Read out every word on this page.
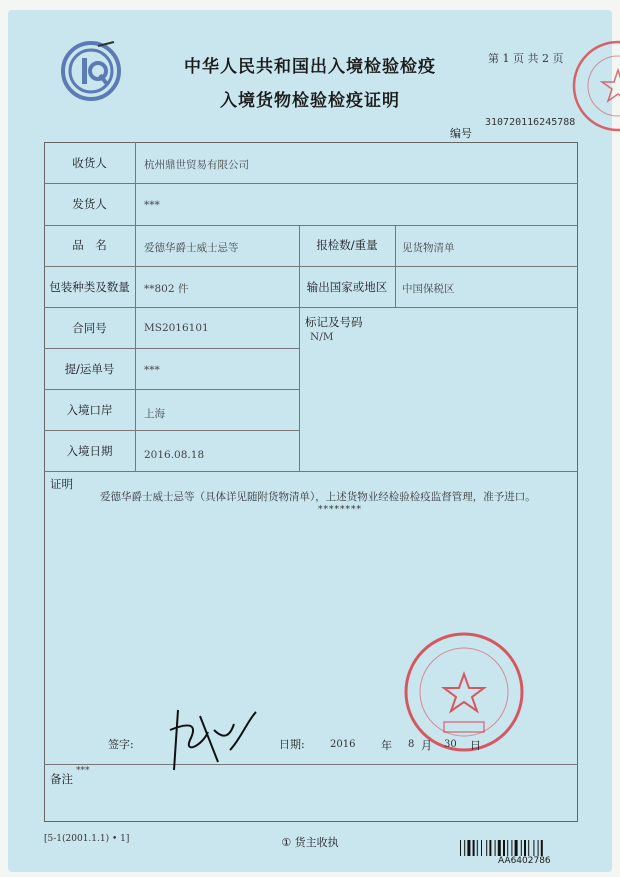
中华人民共和国出入境检验检疫
入境货物检验检疫证明
第 1 页 共 2 页
编号
310720116245788
收货人	杭州鼎世贸易有限公司
发货人	***
品　名	爱德华爵士威士忌等	报检数/重量	见货物清单
包装种类及数量	**802 件	输出国家或地区	中国保税区
合同号	MS2016101	标记及号码
N/M
提/运单号	***
入境口岸	上海
入境日期	2016.08.18
证明
爱德华爵士威士忌等（具体详见随附货物清单），上述货物业经检验检疫监督管理，准予进口。
********
签字:	日期:	2016 年 8 月 30 日
备注
***
[5-1(2001.1.1) • 1]	① 货主收执
AA6402786
